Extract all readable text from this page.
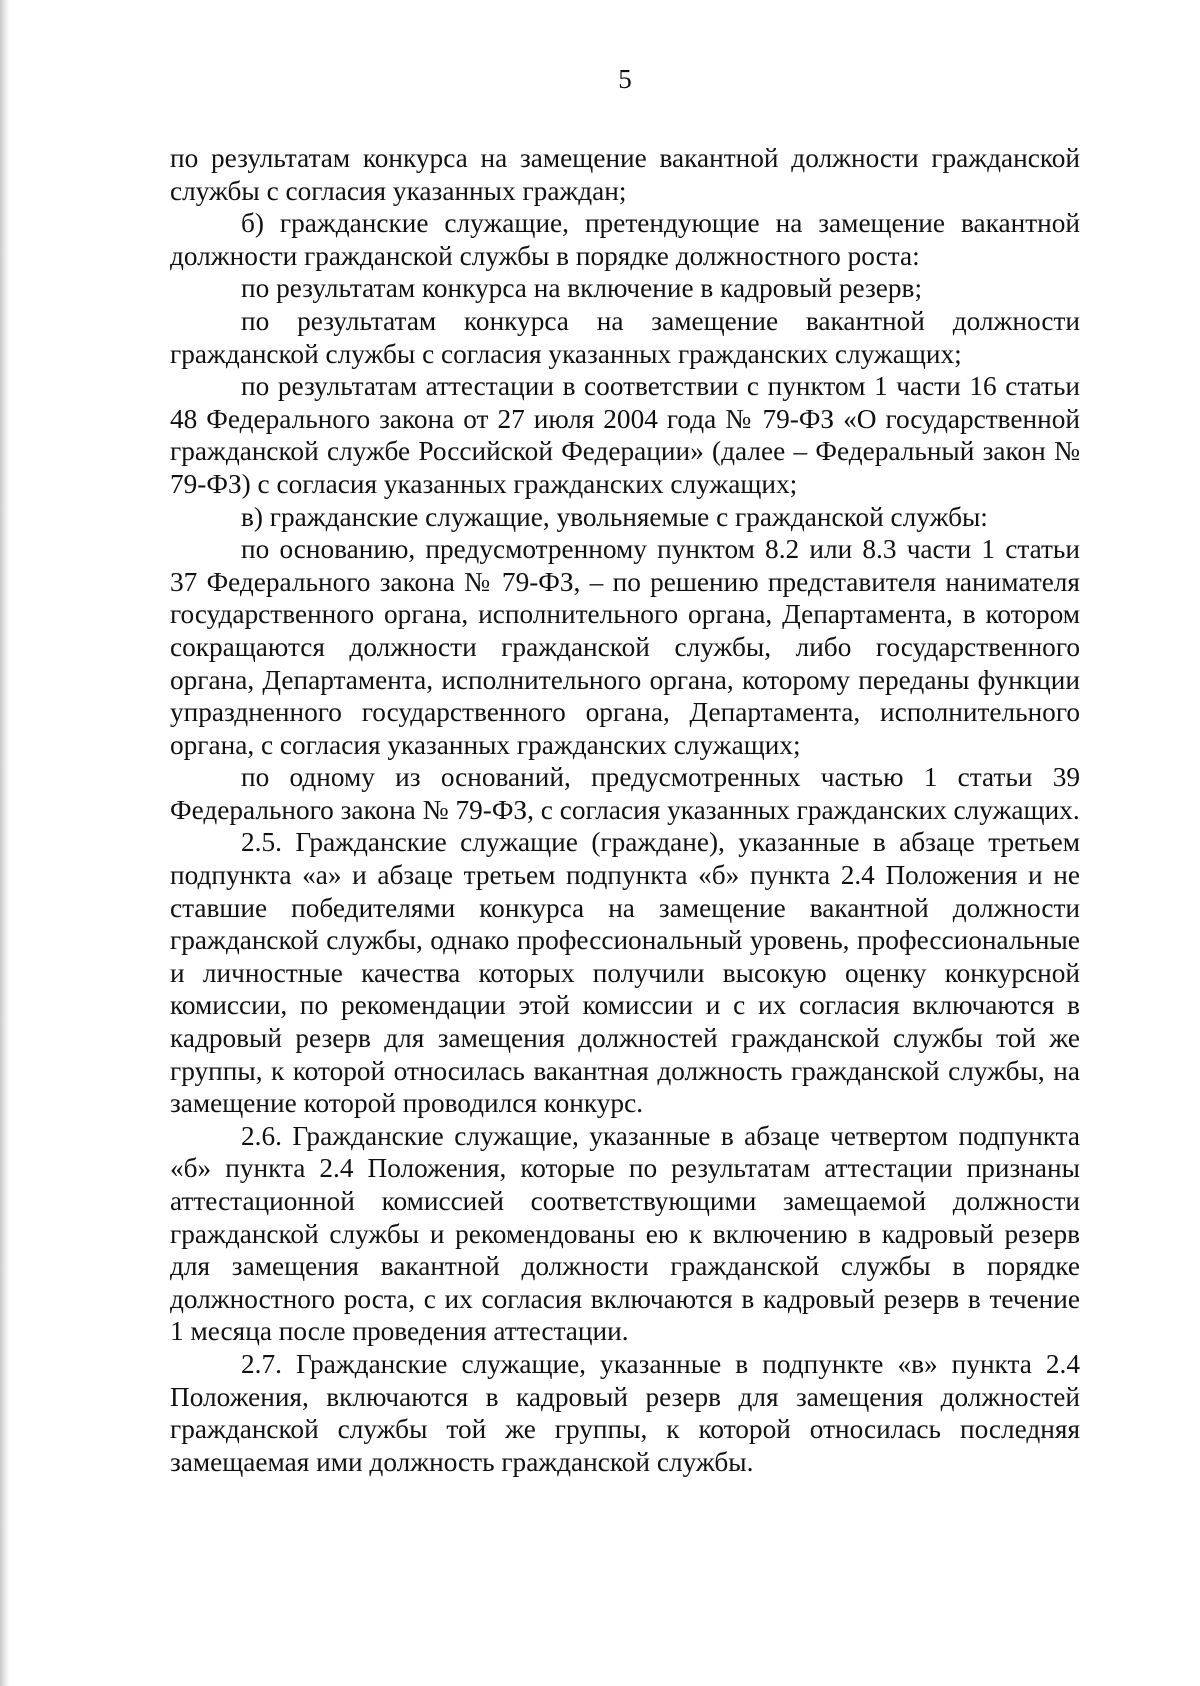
5

по результатам конкурса на замещение вакантной должности гражданской службы с согласия указанных граждан;

б) гражданские служащие, претендующие на замещение вакантной должности гражданской службы в порядке должностного роста:

по результатам конкурса на включение в кадровый резерв;

по результатам конкурса на замещение вакантной должности гражданской службы с согласия указанных гражданских служащих;

по результатам аттестации в соответствии с пунктом 1 части 16 статьи 48 Федерального закона от 27 июля 2004 года № 79-ФЗ «О государственной гражданской службе Российской Федерации» (далее – Федеральный закон № 79-ФЗ) с согласия указанных гражданских служащих;

в) гражданские служащие, увольняемые с гражданской службы:

по основанию, предусмотренному пунктом 8.2 или 8.3 части 1 статьи 37 Федерального закона № 79-ФЗ, – по решению представителя нанимателя государственного органа, исполнительного органа, Департамента, в котором сокращаются должности гражданской службы, либо государственного органа, Департамента, исполнительного органа, которому переданы функции упраздненного государственного органа, Департамента, исполнительного органа, с согласия указанных гражданских служащих;

по одному из оснований, предусмотренных частью 1 статьи 39 Федерального закона № 79-ФЗ, с согласия указанных гражданских служащих.

2.5. Гражданские служащие (граждане), указанные в абзаце третьем подпункта «а» и абзаце третьем подпункта «б» пункта 2.4 Положения и не ставшие победителями конкурса на замещение вакантной должности гражданской службы, однако профессиональный уровень, профессиональные и личностные качества которых получили высокую оценку конкурсной комиссии, по рекомендации этой комиссии и с их согласия включаются в кадровый резерв для замещения должностей гражданской службы той же группы, к которой относилась вакантная должность гражданской службы, на замещение которой проводился конкурс.

2.6. Гражданские служащие, указанные в абзаце четвертом подпункта «б» пункта 2.4 Положения, которые по результатам аттестации признаны аттестационной комиссией соответствующими замещаемой должности гражданской службы и рекомендованы ею к включению в кадровый резерв для замещения вакантной должности гражданской службы в порядке должностного роста, с их согласия включаются в кадровый резерв в течение 1 месяца после проведения аттестации.

2.7. Гражданские служащие, указанные в подпункте «в» пункта 2.4 Положения, включаются в кадровый резерв для замещения должностей гражданской службы той же группы, к которой относилась последняя замещаемая ими должность гражданской службы.
